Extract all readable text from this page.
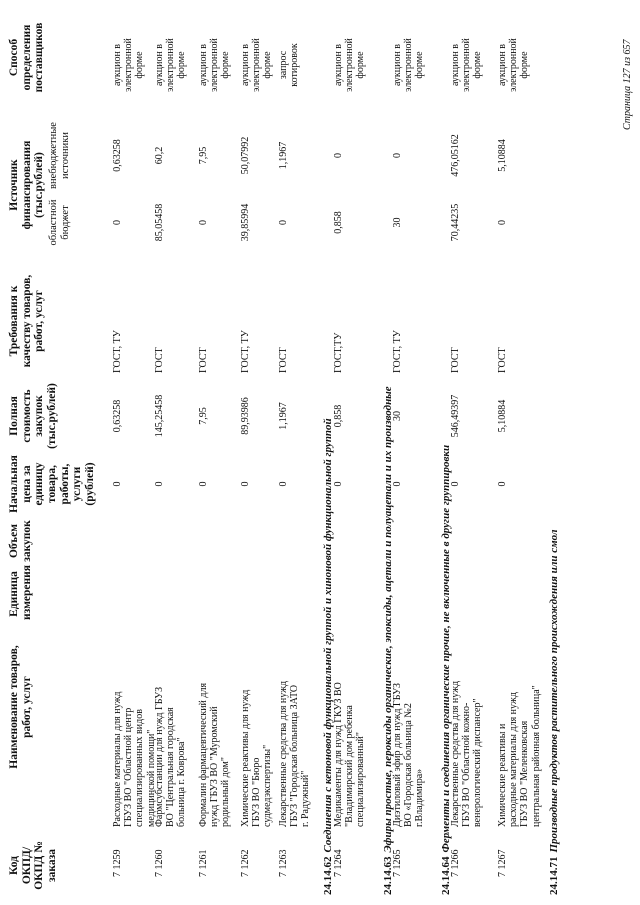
Код ОКПД/ ОКПД № заказа
Наименование товаров, работ, услуг
Единица измерения
Объем закупок
Начальная цена за единицу товара, работы, услуги (рублей)
Полная стоимость закупок (тыс.рублей)
Требования к качеству товаров, работ, услуг
Источник финансирования (тыс.рублей)
областной бюджет
внебюджетные источники
Способ определения поставщиков
7 1259
Расходные материалы для нужд ГБУЗ ВО "Областной центр специализированных видов медицинской помощи"
0
0,63258
ГОСТ, ТУ
0
0,63258
аукцион в электронной форме
7 1260
Фармсубстанции для нужд ГБУЗ ВО "Центральная городская больница г. Коврова"
0
145,25458
ГОСТ
85,05458
60,2
аукцион в электронной форме
7 1261
Формалин фармацевтический для нужд ГБУЗ ВО "Муромский родильный дом"
0
7,95
ГОСТ
0
7,95
аукцион в электронной форме
7 1262
Химические реактивы для нужд ГБУЗ ВО "Бюро судмедэкспертизы"
0
89,93986
ГОСТ, ТУ
39,85994
50,07992
аукцион в электронной форме
7 1263
Лекарственные средства для нужд ГБУЗ "Городская больница ЗАТО г. Радужный"
0
1,1967
ГОСТ
0
1,1967
запрос котировок
24.14.62Соединения с кетоновой функциональной группой и хиноновой функциональной группой
7 1264
Медикаменты для нужд ГКУЗ ВО "Владимирский дом ребенка специализированный"
0
0,858
ГОСТ,ТУ
0,858
0
аукцион в электронной форме
24.14.63Эфиры простые, пероксиды органические, эпоксиды, ацетали и полуацетали и их производные
7 1265
Диэтиловый эфир для нужд ГБУЗ ВО «Городская больница №2 г.Владимира»
0
30
ГОСТ, ТУ
30
0
аукцион в электронной форме
24.14.64Ферменты и соединения органические прочие, не включенные в другие группировки
7 1266
Лекарственные средства для нужд ГБУЗ ВО "Областной кожно-венерологический диспансер"
0
546,49397
ГОСТ
70,44235
476,05162
аукцион в электронной форме
7 1267
Химические реактивы и расходные материалы для нужд ГБУЗ ВО "Меленковская центральная районная больница"
0
5,10884
ГОСТ
0
5,10884
аукцион в электронной форме
24.14.71Производные продуктов растительного происхождения или смол
Страница 127 из 657
